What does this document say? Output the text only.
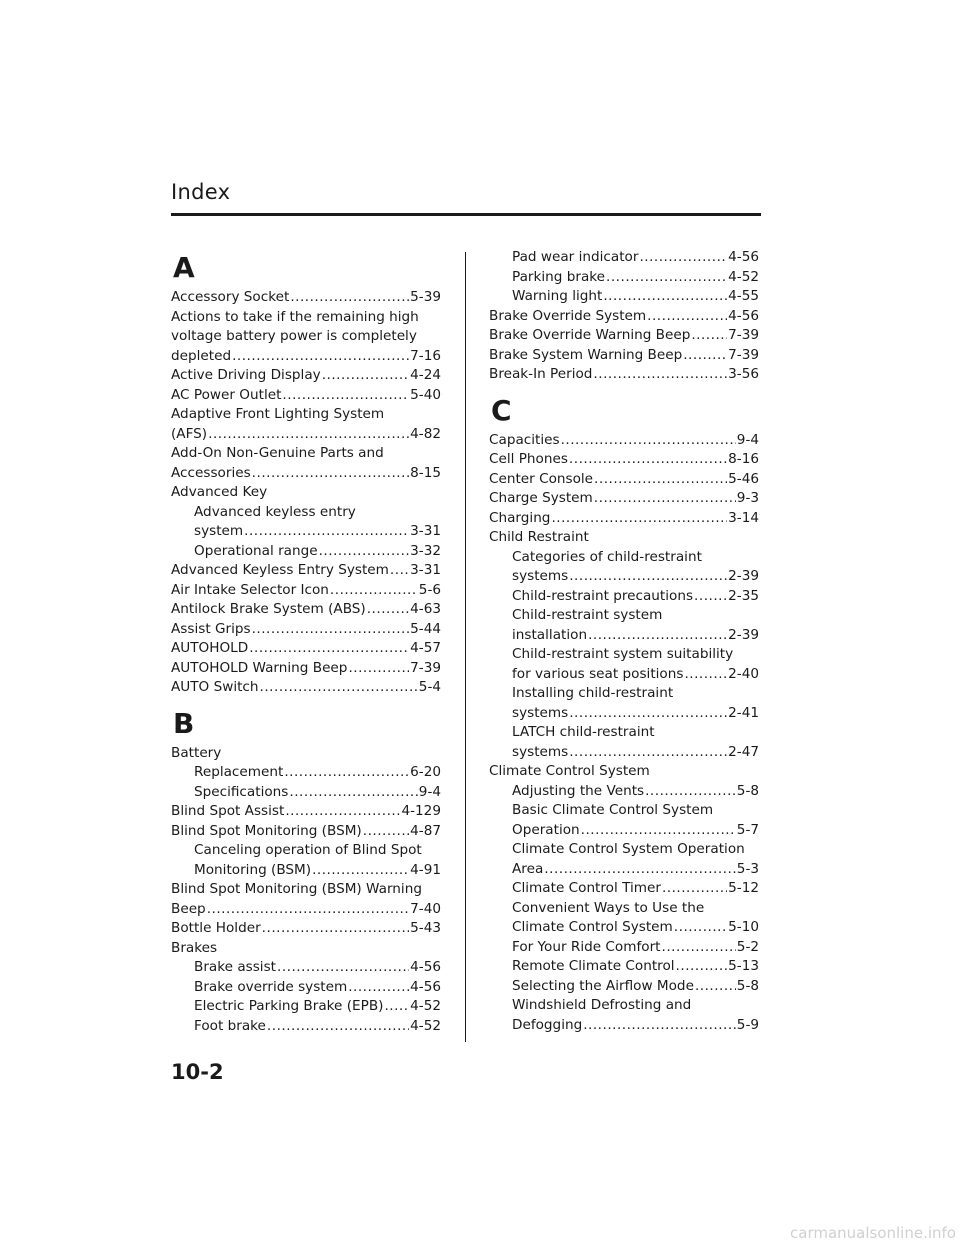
Index
A
Accessory Socket .....	5-39
Actions to take if the remaining high
voltage battery power is completely
depleted .....	7-16
Active Driving Display .....	4-24
AC Power Outlet .....	5-40
Adaptive Front Lighting System
(AFS) .....	4-82
Add-On Non-Genuine Parts and
Accessories .....	8-15
Advanced Key
Advanced keyless entry
system .....	3-31
Operational range .....	3-32
Advanced Keyless Entry System ..... 3-31
Air Intake Selector Icon .....	5-6
Antilock Brake System (ABS) .....	4-63
Assist Grips .....	5-44
AUTOHOLD .....	4-57
AUTOHOLD Warning Beep .....	7-39
AUTO Switch .....	5-4
B
Battery
Replacement .....	6-20
Specifications .....	9-4
Blind Spot Assist .....	4-129
Blind Spot Monitoring (BSM) .....	4-87
Canceling operation of Blind Spot
Monitoring (BSM) .....	4-91
Blind Spot Monitoring (BSM) Warning
Beep .....	7-40
Bottle Holder .....	5-43
Brakes
Brake assist .....	4-56
Brake override system .....	4-56
Electric Parking Brake (EPB) ..... 4-52
Foot brake .....	4-52
Pad wear indicator .....	4-56
Parking brake .....	4-52
Warning light .....	4-55
Brake Override System .....	4-56
Brake Override Warning Beep .....	7-39
Brake System Warning Beep .....	7-39
Break-In Period .....	3-56
C
Capacities .....	9-4
Cell Phones .....	8-16
Center Console .....	5-46
Charge System .....	9-3
Charging .....	3-14
Child Restraint
Categories of child-restraint
systems .....	2-39
Child-restraint precautions .....	2-35
Child-restraint system
installation .....	2-39
Child-restraint system suitability
for various seat positions .....	2-40
Installing child-restraint
systems .....	2-41
LATCH child-restraint
systems .....	2-47
Climate Control System
Adjusting the Vents .....	5-8
Basic Climate Control System
Operation .....	5-7
Climate Control System Operation
Area .....	5-3
Climate Control Timer .....	5-12
Convenient Ways to Use the
Climate Control System .....	5-10
For Your Ride Comfort .....	5-2
Remote Climate Control .....	5-13
Selecting the Airflow Mode .....	5-8
Windshield Defrosting and
Defogging .....	5-9
10-2
carmanualsonline.info
